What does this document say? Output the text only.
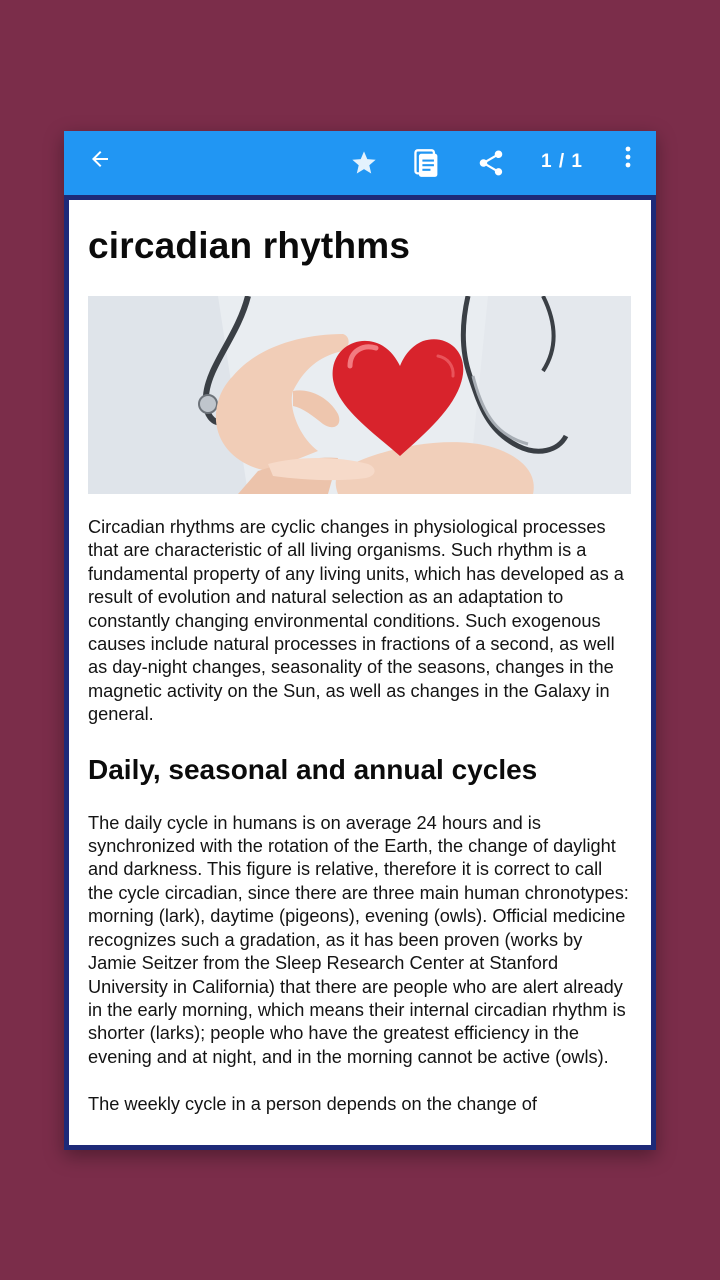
1 / 1
circadian rhythms

Circadian rhythms are cyclic changes in physiological processes that are characteristic of all living organisms. Such rhythm is a fundamental property of any living units, which has developed as a result of evolution and natural selection as an adaptation to constantly changing environmental conditions. Such exogenous causes include natural processes in fractions of a second, as well as day-night changes, seasonality of the seasons, changes in the magnetic activity on the Sun, as well as changes in the Galaxy in general.

Daily, seasonal and annual cycles

The daily cycle in humans is on average 24 hours and is synchronized with the rotation of the Earth, the change of daylight and darkness. This figure is relative, therefore it is correct to call the cycle circadian, since there are three main human chronotypes: morning (lark), daytime (pigeons), evening (owls). Official medicine recognizes such a gradation, as it has been proven (works by Jamie Seitzer from the Sleep Research Center at Stanford University in California) that there are people who are alert already in the early morning, which means their internal circadian rhythm is shorter (larks); people who have the greatest efficiency in the evening and at night, and in the morning cannot be active (owls).

The weekly cycle in a person depends on the change of
